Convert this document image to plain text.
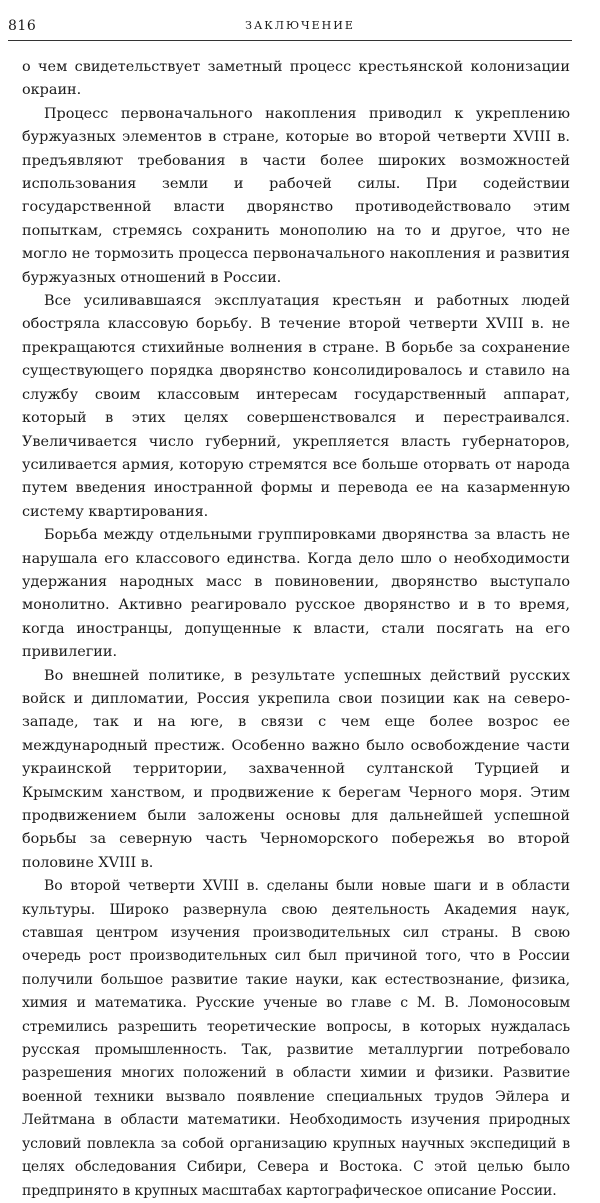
816	ЗАКЛЮЧЕНИЕ

о чем свидетельствует заметный процесс крестьянской колонизации окраин.

Процесс первоначального накопления приводил к укреплению буржуазных элементов в стране, которые во второй четверти XVIII в. предъявляют требования в части более широких возможностей использования земли и рабочей силы. При содействии государственной власти дворянство противодействовало этим попыткам, стремясь сохранить монополию на то и другое, что не могло не тормозить процесса первоначального накопления и развития буржуазных отношений в России.

Все усиливавшаяся эксплуатация крестьян и работных людей обостряла классовую борьбу. В течение второй четверти XVIII в. не прекращаются стихийные волнения в стране. В борьбе за сохранение существующего порядка дворянство консолидировалось и ставило на службу своим классовым интересам государственный аппарат, который в этих целях совершенствовался и перестраивался. Увеличивается число губерний, укрепляется власть губернаторов, усиливается армия, которую стремятся все больше оторвать от народа путем введения иностранной формы и перевода ее на казарменную систему квартирования.

Борьба между отдельными группировками дворянства за власть не нарушала его классового единства. Когда дело шло о необходимости удержания народных масс в повиновении, дворянство выступало монолитно. Активно реагировало русское дворянство и в то время, когда иностранцы, допущенные к власти, стали посягать на его привилегии.

Во внешней политике, в результате успешных действий русских войск и дипломатии, Россия укрепила свои позиции как на северо-западе, так и на юге, в связи с чем еще более возрос ее международный престиж. Особенно важно было освобождение части украинской территории, захваченной султанской Турцией и Крымским ханством, и продвижение к берегам Черного моря. Этим продвижением были заложены основы для дальнейшей успешной борьбы за северную часть Черноморского побережья во второй половине XVIII в.

Во второй четверти XVIII в. сделаны были новые шаги и в области культуры. Широко развернула свою деятельность Академия наук, ставшая центром изучения производительных сил страны. В свою очередь рост производительных сил был причиной того, что в России получили большое развитие такие науки, как естествознание, физика, химия и математика. Русские ученые во главе с М. В. Ломоносовым стремились разрешить теоретические вопросы, в которых нуждалась русская промышленность. Так, развитие металлургии потребовало разрешения многих положений в области химии и физики. Развитие военной техники вызвало появление специальных трудов Эйлера и Лейтмана в области математики. Необходимость изучения природных условий повлекла за собой организацию крупных научных экспедиций в целях обследования Сибири, Севера и Востока. С этой целью было предпринято в крупных масштабах картографическое описание России.
